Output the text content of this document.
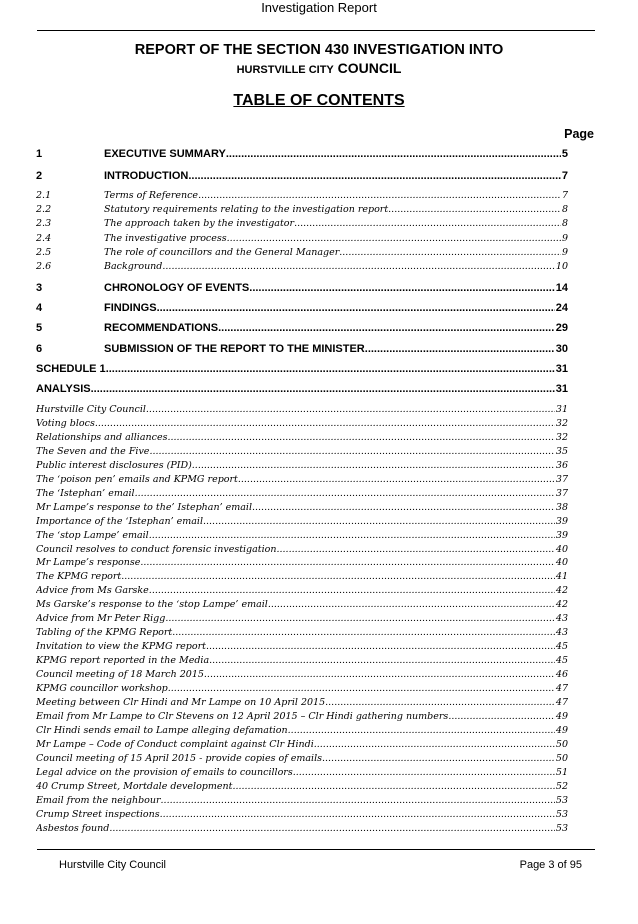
Investigation Report
REPORT OF THE SECTION 430 INVESTIGATION INTO
HURSTVILLE CITY COUNCIL
TABLE OF CONTENTS
Page
1	EXECUTIVE SUMMARY .....	5
2	INTRODUCTION .....	7
2.1	Terms of Reference .....	7
2.2	Statutory requirements relating to the investigation report .....	8
2.3	The approach taken by the investigator .....	8
2.4	The investigative process .....	9
2.5	The role of councillors and the General Manager .....	9
2.6	Background .....	10
3	CHRONOLOGY OF EVENTS .....	14
4	FINDINGS .....	24
5	RECOMMENDATIONS .....	29
6	SUBMISSION OF THE REPORT TO THE MINISTER .....	30
SCHEDULE 1 .....	31
ANALYSIS .....	31
Hurstville City Council .....	31
Voting blocs .....	32
Relationships and alliances .....	32
The Seven and the Five .....	35
Public interest disclosures (PID) .....	36
The ‘poison pen’ emails and KPMG report .....	37
The ‘Istephan’ email .....	37
Mr Lampe’s response to the’ Istephan’ email .....	38
Importance of the ‘Istephan’ email .....	39
The ‘stop Lampe’ email .....	39
Council resolves to conduct forensic investigation .....	40
Mr Lampe’s response .....	40
The KPMG report .....	41
Advice from Ms Garske .....	42
Ms Garske’s response to the ‘stop Lampe’ email .....	42
Advice from Mr Peter Rigg .....	43
Tabling of the KPMG Report .....	43
Invitation to view the KPMG report .....	45
KPMG report reported in the Media .....	45
Council meeting of 18 March 2015 .....	46
KPMG councillor workshop .....	47
Meeting between Clr Hindi and Mr Lampe on 10 April 2015 .....	47
Email from Mr Lampe to Clr Stevens on 12 April 2015 – Clr Hindi gathering numbers .....	49
Clr Hindi sends email to Lampe alleging defamation .....	49
Mr Lampe – Code of Conduct complaint against Clr Hindi .....	50
Council meeting of 15 April 2015 - provide copies of emails .....	50
Legal advice on the provision of emails to councillors .....	51
40 Crump Street, Mortdale development .....	52
Email from the neighbour .....	53
Crump Street inspections .....	53
Asbestos found .....	53
Hurstville City Council	Page 3 of 95
